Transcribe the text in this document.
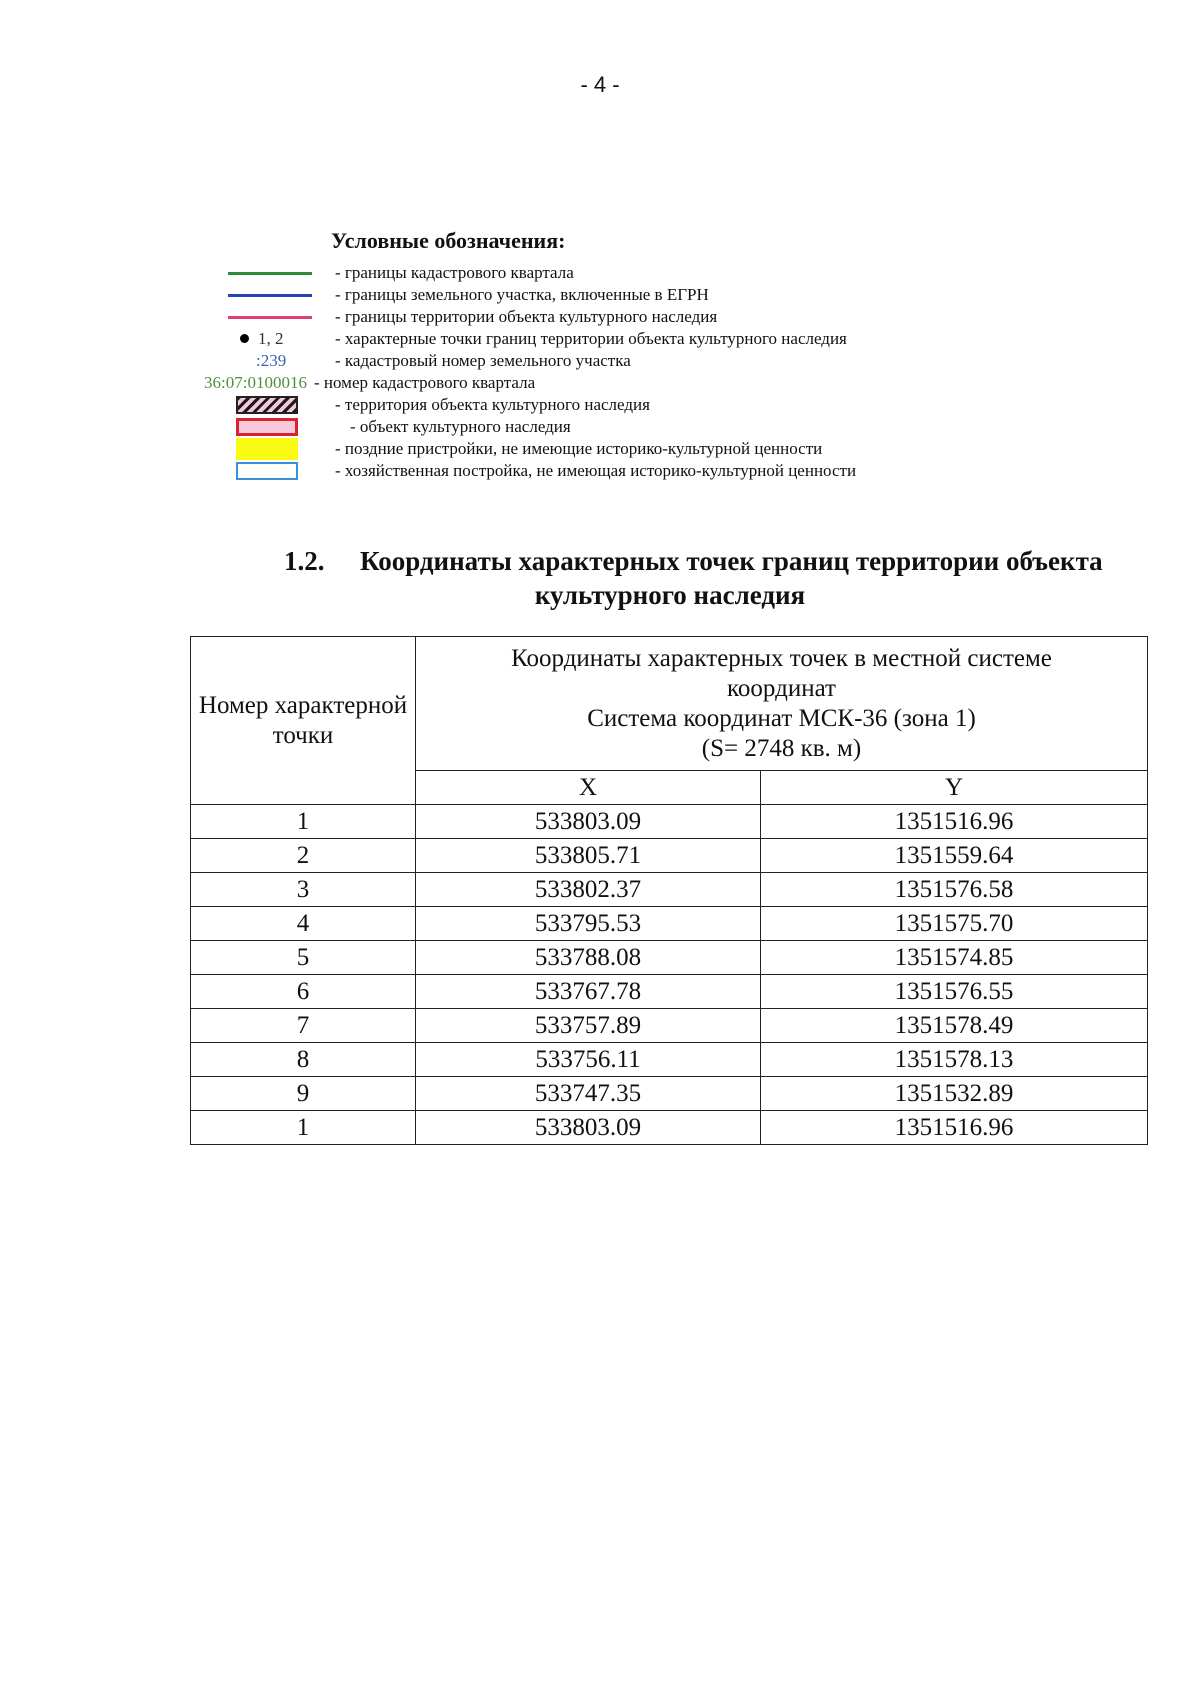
- 4 -
Условные обозначения:
- границы кадастрового квартала
- границы земельного участка, включенные в ЕГРН
- границы территории объекта культурного наследия
1, 2	- характерные точки границ территории объекта культурного наследия
:239	- кадастровый номер земельного участка
36:07:0100016 - номер кадастрового квартала
- территория объекта культурного наследия
- объект культурного наследия
- поздние пристройки, не имеющие историко-культурной ценности
- хозяйственная постройка, не имеющая историко-культурной ценности
1.2. Координаты характерных точек границ территории объекта
культурного наследия
Номер характерной точки	Координаты характерных точек в местной системе
координат
Система координат МСК-36 (зона 1)
(S= 2748 кв. м)	

	X	Y
1	533803.09	1351516.96
2	533805.71	1351559.64
3	533802.37	1351576.58
4	533795.53	1351575.70
5	533788.08	1351574.85
6	533767.78	1351576.55
7	533757.89	1351578.49
8	533756.11	1351578.13
9	533747.35	1351532.89
1	533803.09	1351516.96
